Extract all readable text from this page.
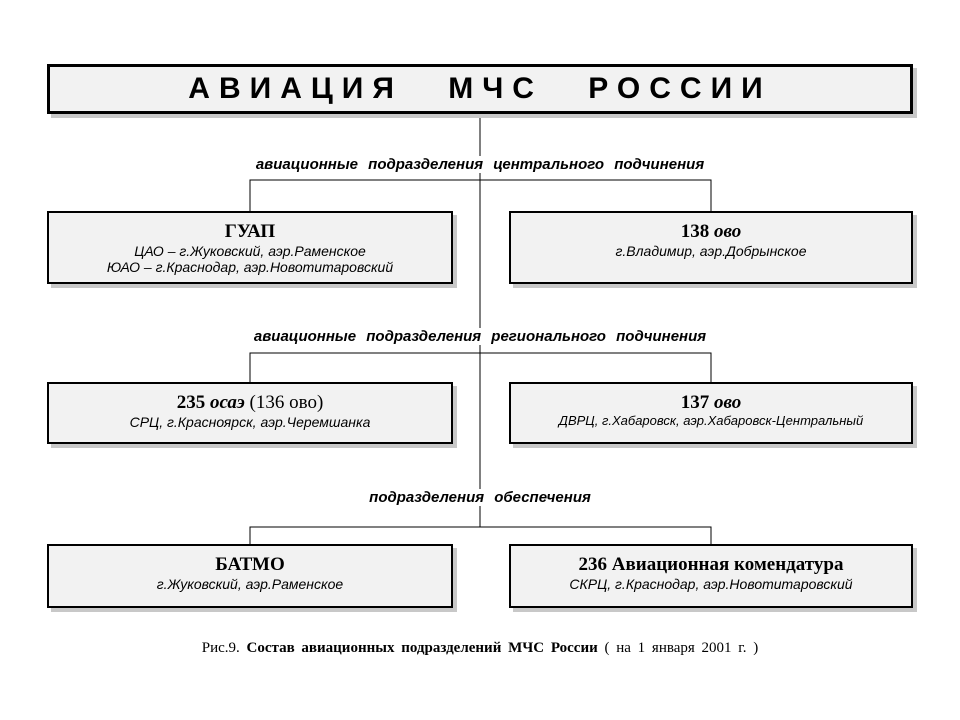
АВИАЦИЯ МЧС РОССИИ
авиационные подразделения центрального подчинения
авиационные подразделения регионального подчинения
подразделения обеспечения
ГУАП
ЦАО – г.Жуковский, аэр.Раменское
ЮАО – г.Краснодар, аэр.Новотитаровский
138 ово
г.Владимир, аэр.Добрынское
235 осаэ (136 ово)
СРЦ, г.Красноярск, аэр.Черемшанка
137 ово
ДВРЦ, г.Хабаровск, аэр.Хабаровск-Центральный
БАТМО
г.Жуковский, аэр.Раменское
236 Авиационная комендатура
СКРЦ, г.Краснодар, аэр.Новотитаровский
Рис.9. Состав авиационных подразделений МЧС России ( на 1 января 2001 г. )
